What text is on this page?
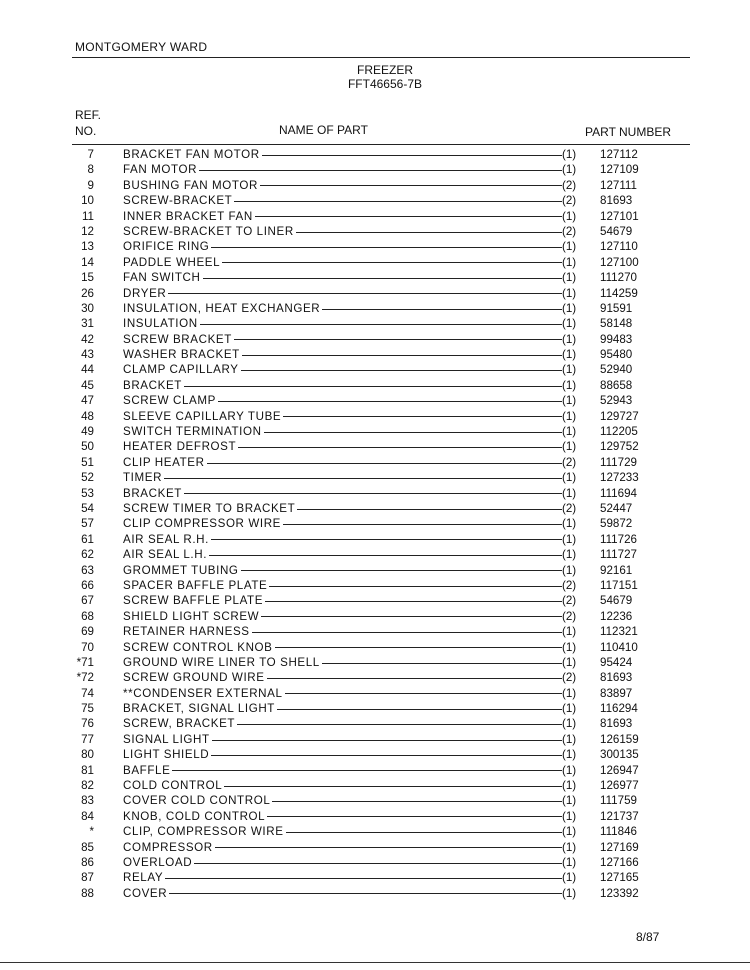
MONTGOMERY WARD
FREEZER
FFT46656-7B
REF.
NO.	NAME OF PART	PART NUMBER
7	BRACKET FAN MOTOR	(1)	127112
8	FAN MOTOR	(1)	127109
9	BUSHING FAN MOTOR	(2)	127111
10	SCREW-BRACKET	(2)	81693
11	INNER BRACKET FAN	(1)	127101
12	SCREW-BRACKET TO LINER	(2)	54679
13	ORIFICE RING	(1)	127110
14	PADDLE WHEEL	(1)	127100
15	FAN SWITCH	(1)	111270
26	DRYER	(1)	114259
30	INSULATION, HEAT EXCHANGER	(1)	91591
31	INSULATION	(1)	58148
42	SCREW BRACKET	(1)	99483
43	WASHER BRACKET	(1)	95480
44	CLAMP CAPILLARY	(1)	52940
45	BRACKET	(1)	88658
47	SCREW CLAMP	(1)	52943
48	SLEEVE CAPILLARY TUBE	(1)	129727
49	SWITCH TERMINATION	(1)	112205
50	HEATER DEFROST	(1)	129752
51	CLIP HEATER	(2)	111729
52	TIMER	(1)	127233
53	BRACKET	(1)	111694
54	SCREW TIMER TO BRACKET	(2)	52447
57	CLIP COMPRESSOR WIRE	(1)	59872
61	AIR SEAL R.H.	(1)	111726
62	AIR SEAL L.H.	(1)	111727
63	GROMMET TUBING	(1)	92161
66	SPACER BAFFLE PLATE	(2)	117151
67	SCREW BAFFLE PLATE	(2)	54679
68	SHIELD LIGHT SCREW	(2)	12236
69	RETAINER HARNESS	(1)	112321
70	SCREW CONTROL KNOB	(1)	110410
*71	GROUND WIRE LINER TO SHELL	(1)	95424
*72	SCREW GROUND WIRE	(2)	81693
74	**CONDENSER EXTERNAL	(1)	83897
75	BRACKET, SIGNAL LIGHT	(1)	116294
76	SCREW, BRACKET	(1)	81693
77	SIGNAL LIGHT	(1)	126159
80	LIGHT SHIELD	(1)	300135
81	BAFFLE	(1)	126947
82	COLD CONTROL	(1)	126977
83	COVER COLD CONTROL	(1)	111759
84	KNOB, COLD CONTROL	(1)	121737
*	CLIP, COMPRESSOR WIRE	(1)	111846
85	COMPRESSOR	(1)	127169
86	OVERLOAD	(1)	127166
87	RELAY	(1)	127165
88	COVER	(1)	123392
8/87
